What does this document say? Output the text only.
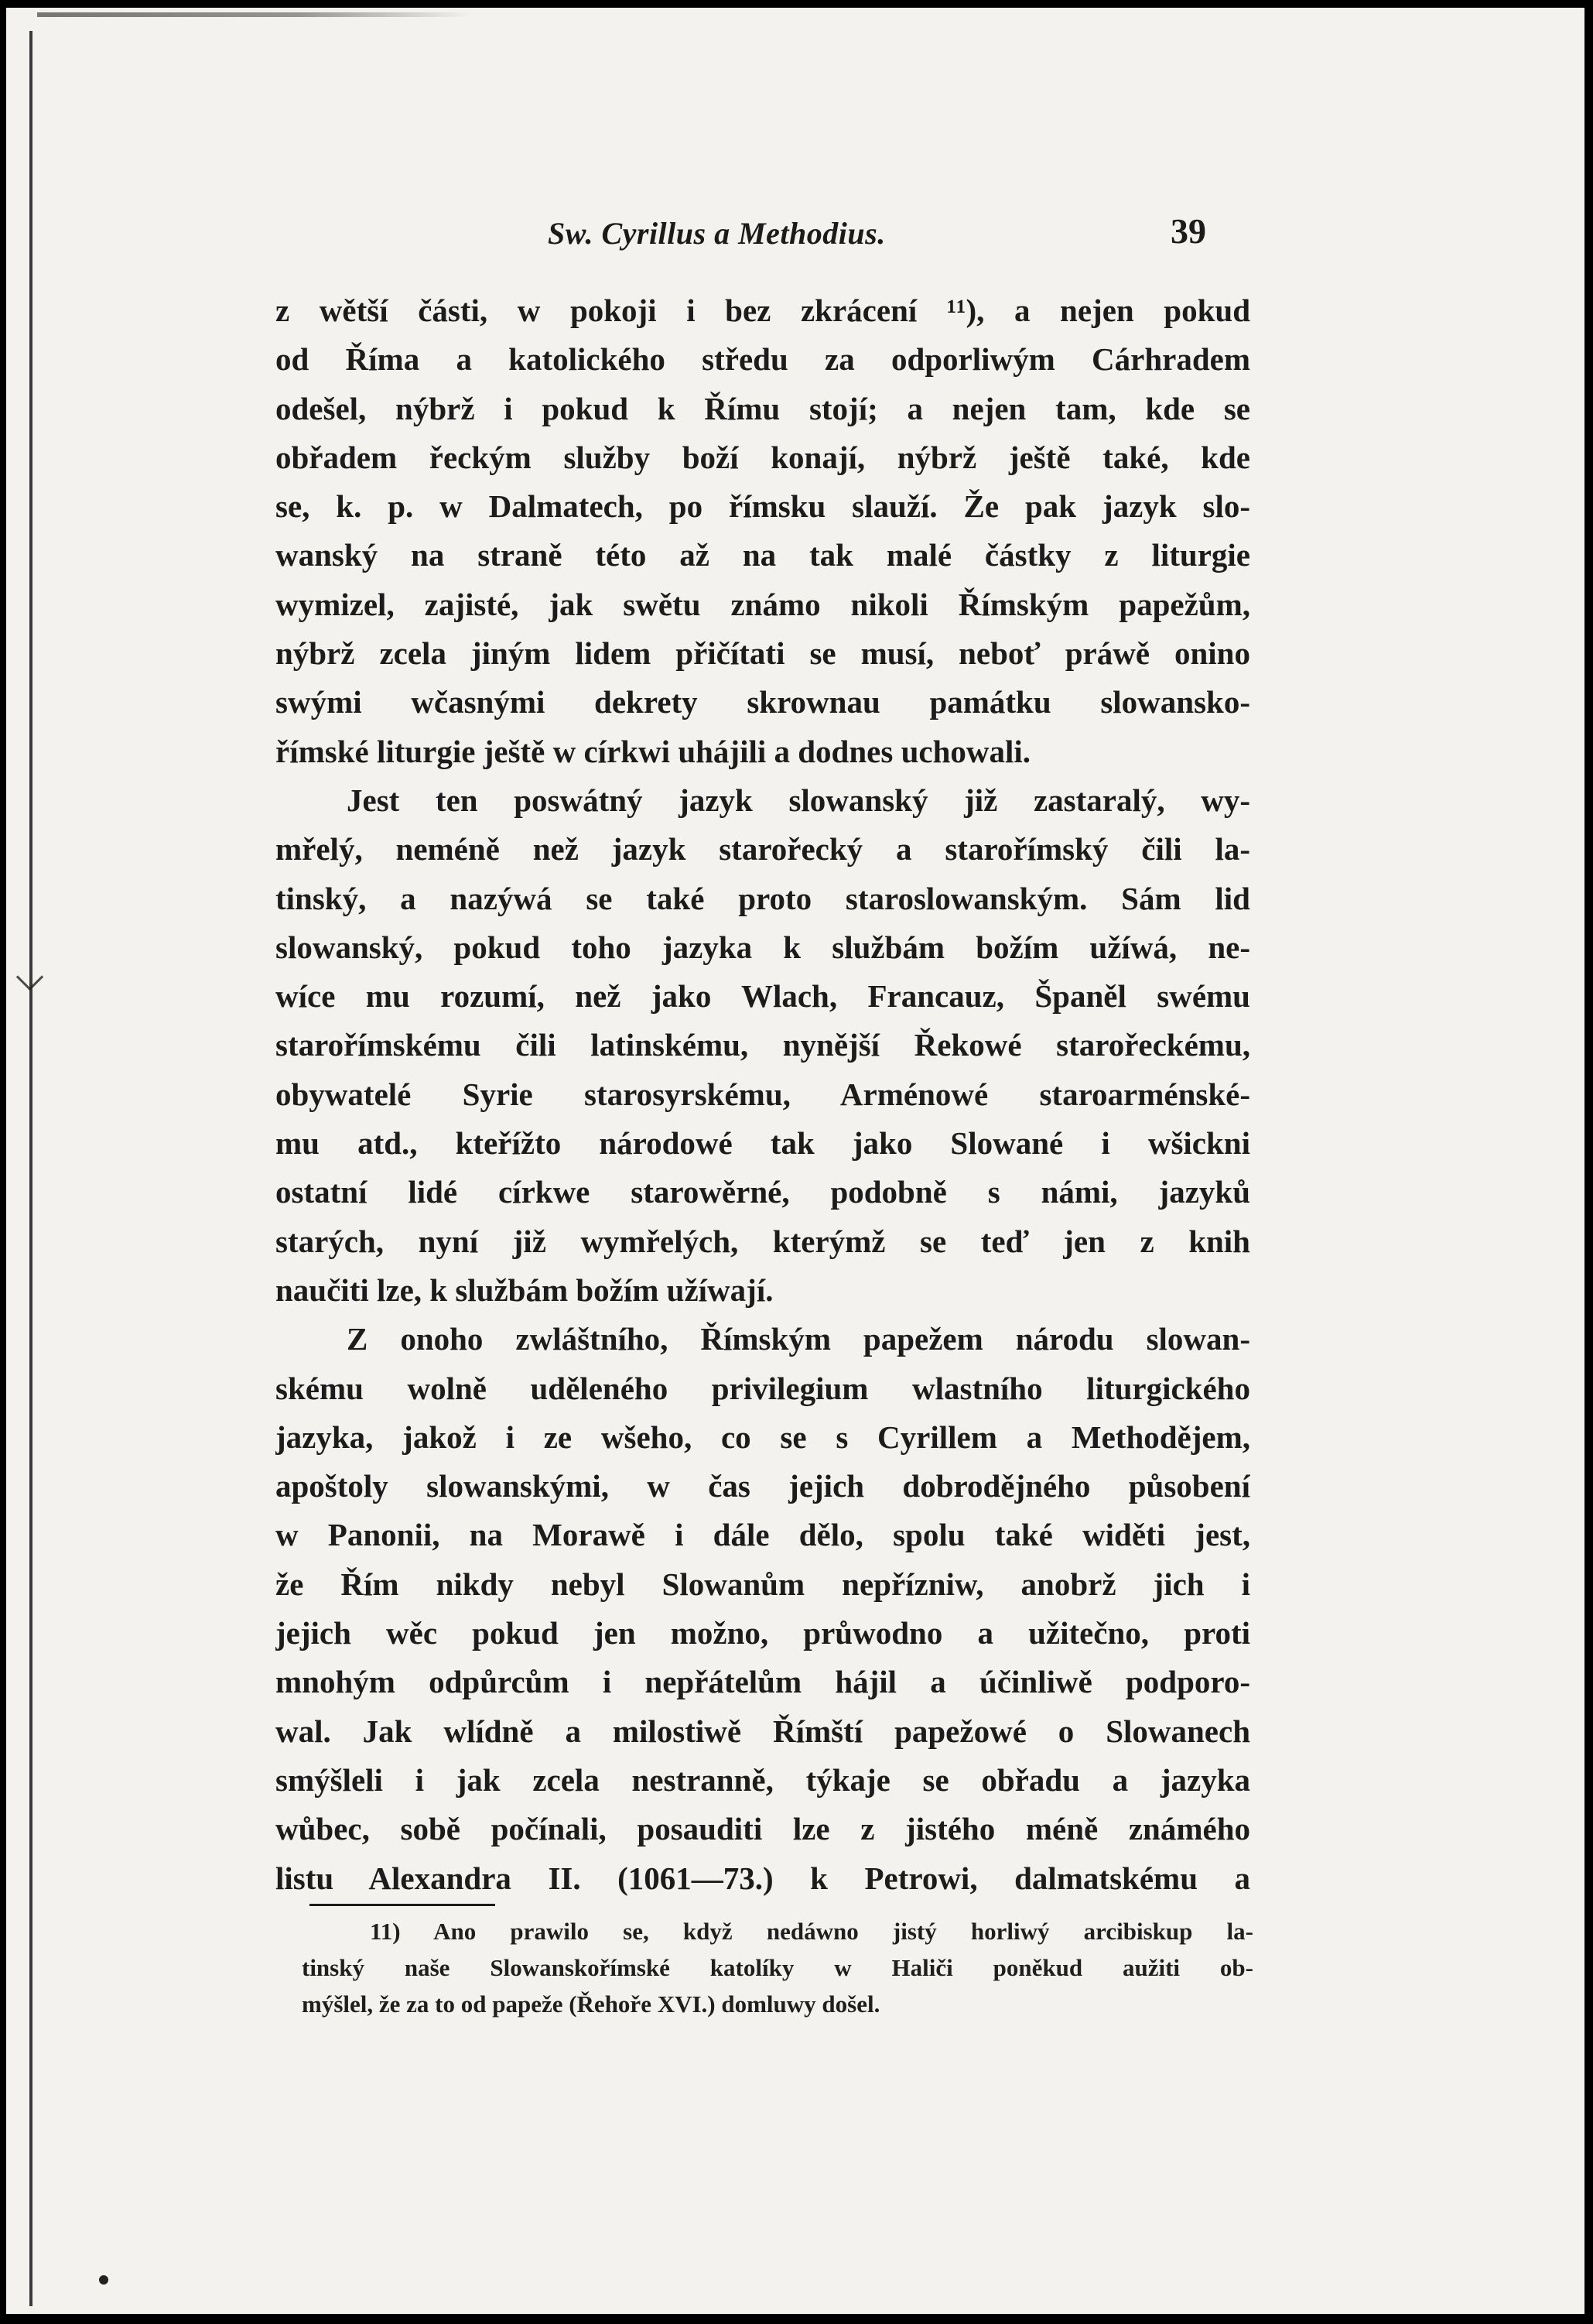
Sw. Cyrillus a Methodius.	39
z wětší části, w pokoji i bez zkrácení ¹¹), a nejen pokud
od Říma a katolického středu za odporliwým Cárhradem
odešel, nýbrž i pokud k Římu stojí; a nejen tam, kde se
obřadem řeckým služby boží konají, nýbrž ještě také, kde
se, k. p. w Dalmatech, po římsku slauží. Že pak jazyk slo-
wanský na straně této až na tak malé částky z liturgie
wymizel, zajisté, jak swětu známo nikoli Římským papežům,
nýbrž zcela jiným lidem přičítati se musí, neboť práwě onino
swými wčasnými dekrety skrownau památku slowansko-
římské liturgie ještě w církwi uhájili a dodnes uchowali.
Jest ten poswátný jazyk slowanský již zastaralý, wy-
mřelý, neméně než jazyk starořecký a starořímský čili la-
tinský, a nazýwá se také proto staroslowanským. Sám lid
slowanský, pokud toho jazyka k službám božím užíwá, ne-
wíce mu rozumí, než jako Wlach, Francauz, Španěl swému
starořímskému čili latinskému, nynější Řekowé starořeckému,
obywatelé Syrie starosyrskému, Arménowé staroarménské-
mu atd., kteřížto národowé tak jako Slowané i wšickni
ostatní lidé církwe starowěrné, podobně s námi, jazyků
starých, nyní již wymřelých, kterýmž se teď jen z knih
naučiti lze, k službám božím užíwají.
Z onoho zwláštního, Římským papežem národu slowan-
skému wolně uděleného privilegium wlastního liturgického
jazyka, jakož i ze wšeho, co se s Cyrillem a Methodějem,
apoštoly slowanskými, w čas jejich dobrodějného působení
w Panonii, na Morawě i dále dělo, spolu také widěti jest,
že Řím nikdy nebyl Slowanům nepřízniw, anobrž jich i
jejich wěc pokud jen možno, průwodno a užitečno, proti
mnohým odpůrcům i nepřátelům hájil a účinliwě podporo-
wal. Jak wlídně a milostiwě Římští papežowé o Slowanech
smýšleli i jak zcela nestranně, týkaje se obřadu a jazyka
wůbec, sobě počínali, posauditi lze z jistého méně známého
listu Alexandra II. (1061—73.) k Petrowi, dalmatskému a
11) Ano prawilo se, když nedáwno jistý horliwý arcibiskup la-
tinský naše Slowanskořímské katolíky w Haliči poněkud aužiti ob-
mýšlel, že za to od papeže (Řehoře XVI.) domluwy došel.
